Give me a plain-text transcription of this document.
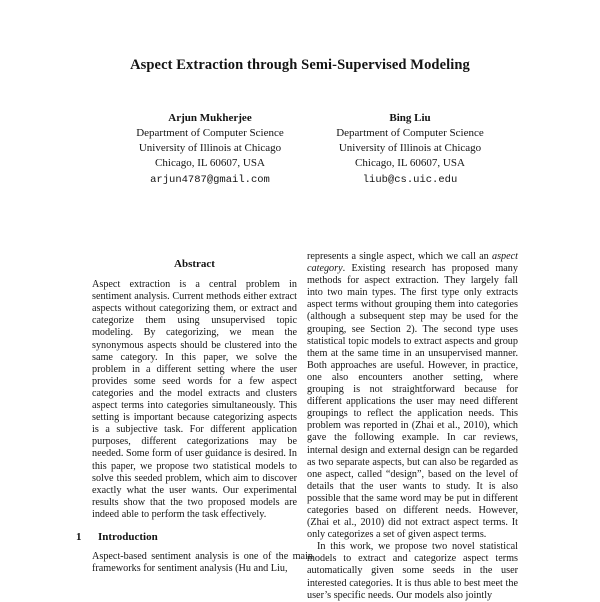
Aspect Extraction through Semi-Supervised Modeling
Arjun Mukherjee
Department of Computer Science
University of Illinois at Chicago
Chicago, IL 60607, USA
arjun4787@gmail.com
Bing Liu
Department of Computer Science
University of Illinois at Chicago
Chicago, IL 60607, USA
liub@cs.uic.edu
Abstract

Aspect extraction is a central problem in sentiment analysis. Current methods either extract aspects without categorizing them, or extract and categorize them using unsupervised topic modeling. By categorizing, we mean the synonymous aspects should be clustered into the same category. In this paper, we solve the problem in a different setting where the user provides some seed words for a few aspect categories and the model extracts and clusters aspect terms into categories simultaneously. This setting is important because categorizing aspects is a subjective task. For different application purposes, different categorizations may be needed. Some form of user guidance is desired. In this paper, we propose two statistical models to solve this seeded problem, which aim to discover exactly what the user wants. Our experimental results show that the two proposed models are indeed able to perform the task effectively.

1 Introduction

Aspect-based sentiment analysis is one of the main frameworks for sentiment analysis (Hu and Liu,

represents a single aspect, which we call an aspect category. Existing research has proposed many methods for aspect extraction. They largely fall into two main types. The first type only extracts aspect terms without grouping them into categories (although a subsequent step may be used for the grouping, see Section 2). The second type uses statistical topic models to extract aspects and group them at the same time in an unsupervised manner. Both approaches are useful. However, in practice, one also encounters another setting, where grouping is not straightforward because for different applications the user may need different groupings to reflect the application needs. This problem was reported in (Zhai et al., 2010), which gave the following example. In car reviews, internal design and external design can be regarded as two separate aspects, but can also be regarded as one aspect, called “design”, based on the level of details that the user wants to study. It is also possible that the same word may be put in different categories based on different needs. However, (Zhai et al., 2010) did not extract aspect terms. It only categorizes a set of given aspect terms.

In this work, we propose two novel statistical models to extract and categorize aspect terms automatically given some seeds in the user interested categories. It is thus able to best meet the user’s specific needs. Our models also jointly
